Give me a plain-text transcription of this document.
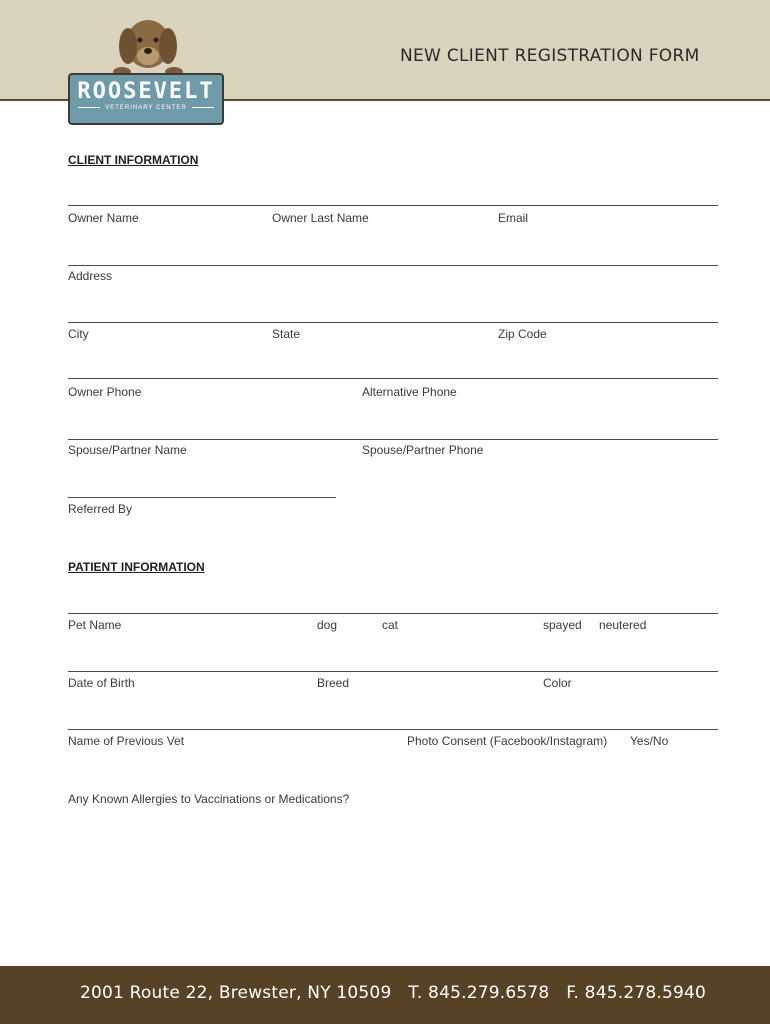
ROOSEVELT
VETERINARY CENTER
NEW CLIENT REGISTRATION FORM
CLIENT INFORMATION
Owner Name	Owner Last Name	Email
Address
City	State	Zip Code
Owner Phone	Alternative Phone
Spouse/Partner Name	Spouse/Partner Phone
Referred By
PATIENT INFORMATION
Pet Name	dog	cat	spayed neutered
Date of Birth	Breed	Color
Name of Previous Vet	Photo Consent (Facebook/Instagram) Yes/No
Any Known Allergies to Vaccinations or Medications?
2001 Route 22, Brewster, NY 10509   T. 845.279.6578   F. 845.278.5940
